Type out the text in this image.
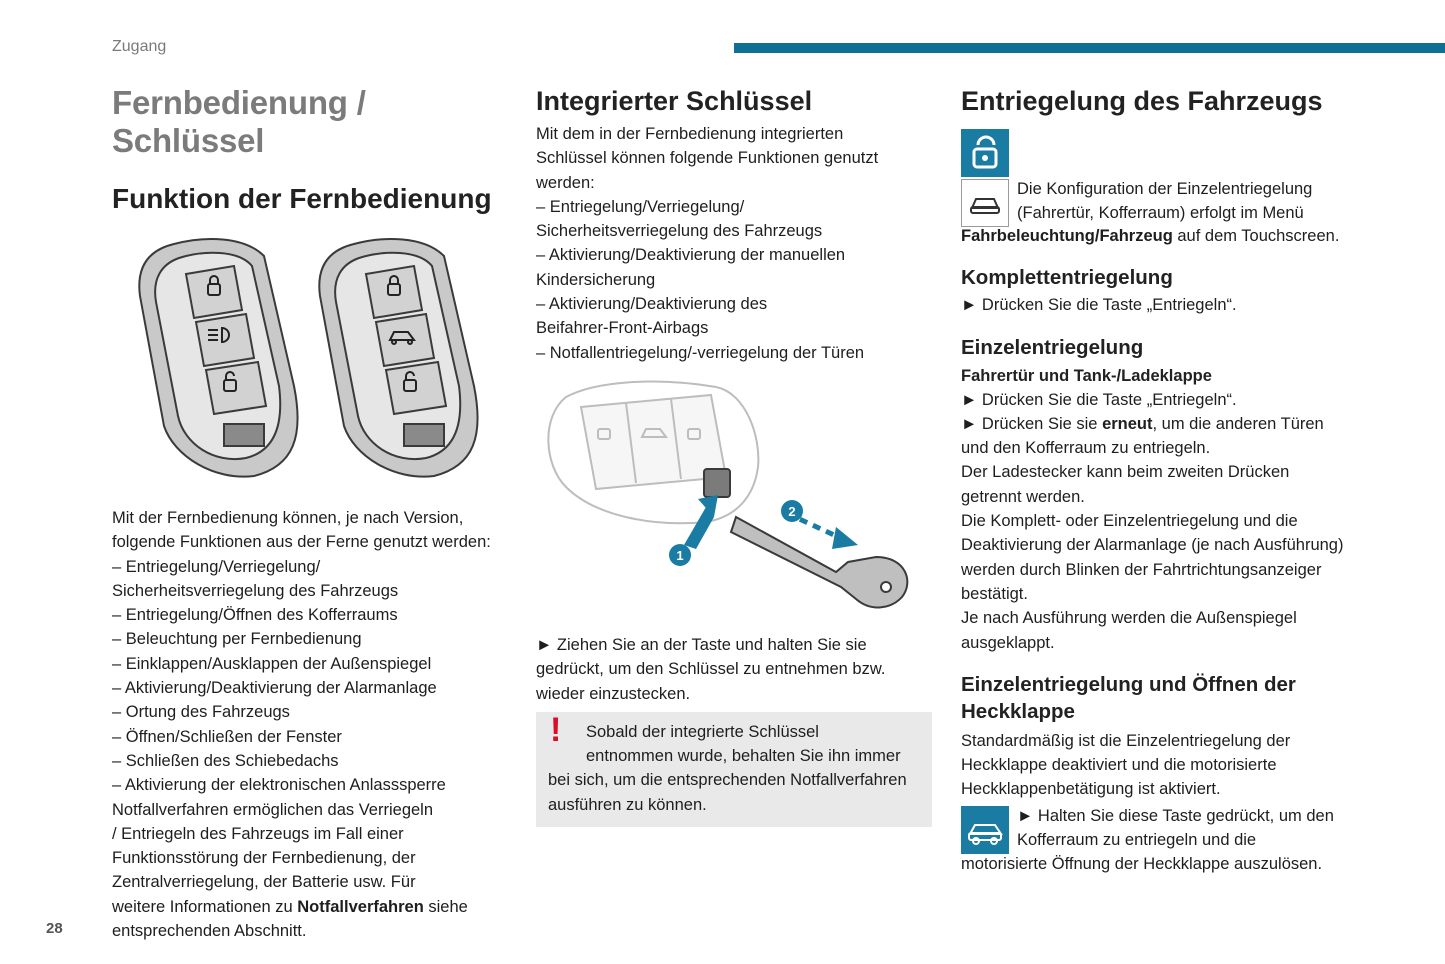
Zugang
28
Fernbedienung / Schlüssel
Funktion der Fernbedienung

Mit der Fernbedienung können, je nach Version,

folgende Funktionen aus der Ferne genutzt werden:

– Entriegelung/Verriegelung/
Sicherheitsverriegelung des Fahrzeugs
– Entriegelung/Öffnen des Kofferraums
– Beleuchtung per Fernbedienung
– Einklappen/Ausklappen der Außenspiegel
– Aktivierung/Deaktivierung der Alarmanlage
– Ortung des Fahrzeugs
– Öffnen/Schließen der Fenster
– Schließen des Schiebedachs
– Aktivierung der elektronischen Anlasssperre
Notfallverfahren ermöglichen das Verriegeln
/ Entriegeln des Fahrzeugs im Fall einer
Funktionsstörung der Fernbedienung, der
Zentralverriegelung, der Batterie usw. Für

weitere Informationen zu Notfallverfahren siehe

entsprechenden Abschnitt.

Integrierter Schlüssel
Mit dem in der Fernbedienung integrierten
Schlüssel können folgende Funktionen genutzt
werden:
– Entriegelung/Verriegelung/
Sicherheitsverriegelung des Fahrzeugs
– Aktivierung/Deaktivierung der manuellen
Kindersicherung
– Aktivierung/Deaktivierung des
Beifahrer-Front-Airbags
– Notfallentriegelung/-verriegelung der Türen
1
2
► Ziehen Sie an der Taste und halten Sie sie
gedrückt, um den Schlüssel zu entnehmen bzw.
wieder einzustecken.
!	Sobald der integrierte Schlüssel
entnommen wurde, behalten Sie ihn immer
bei sich, um die entsprechenden Notfallverfahren
ausführen zu können.
Entriegelung des Fahrzeugs
Die Konfiguration der Einzelentriegelung
(Fahrertür, Kofferraum) erfolgt im Menü

Fahrbeleuchtung/Fahrzeug auf dem Touchscreen.

Komplettentriegelung

► Drücken Sie die Taste „Entriegeln“.

Einzelentriegelung
Fahrertür und Tank-/Ladeklappe

► Drücken Sie die Taste „Entriegeln“.

► Drücken Sie sie erneut, um die anderen Türen

und den Kofferraum zu entriegeln.
Der Ladestecker kann beim zweiten Drücken
getrennt werden.
Die Komplett- oder Einzelentriegelung und die
Deaktivierung der Alarmanlage (je nach Ausführung)
werden durch Blinken der Fahrtrichtungsanzeiger
bestätigt.
Je nach Ausführung werden die Außenspiegel
ausgeklappt.
Einzelentriegelung und Öffnen der
Heckklappe
Standardmäßig ist die Einzelentriegelung der
Heckklappe deaktiviert und die motorisierte
Heckklappenbetätigung ist aktiviert.
► Halten Sie diese Taste gedrückt, um den
Kofferraum zu entriegeln und die
motorisierte Öffnung der Heckklappe auszulösen.
